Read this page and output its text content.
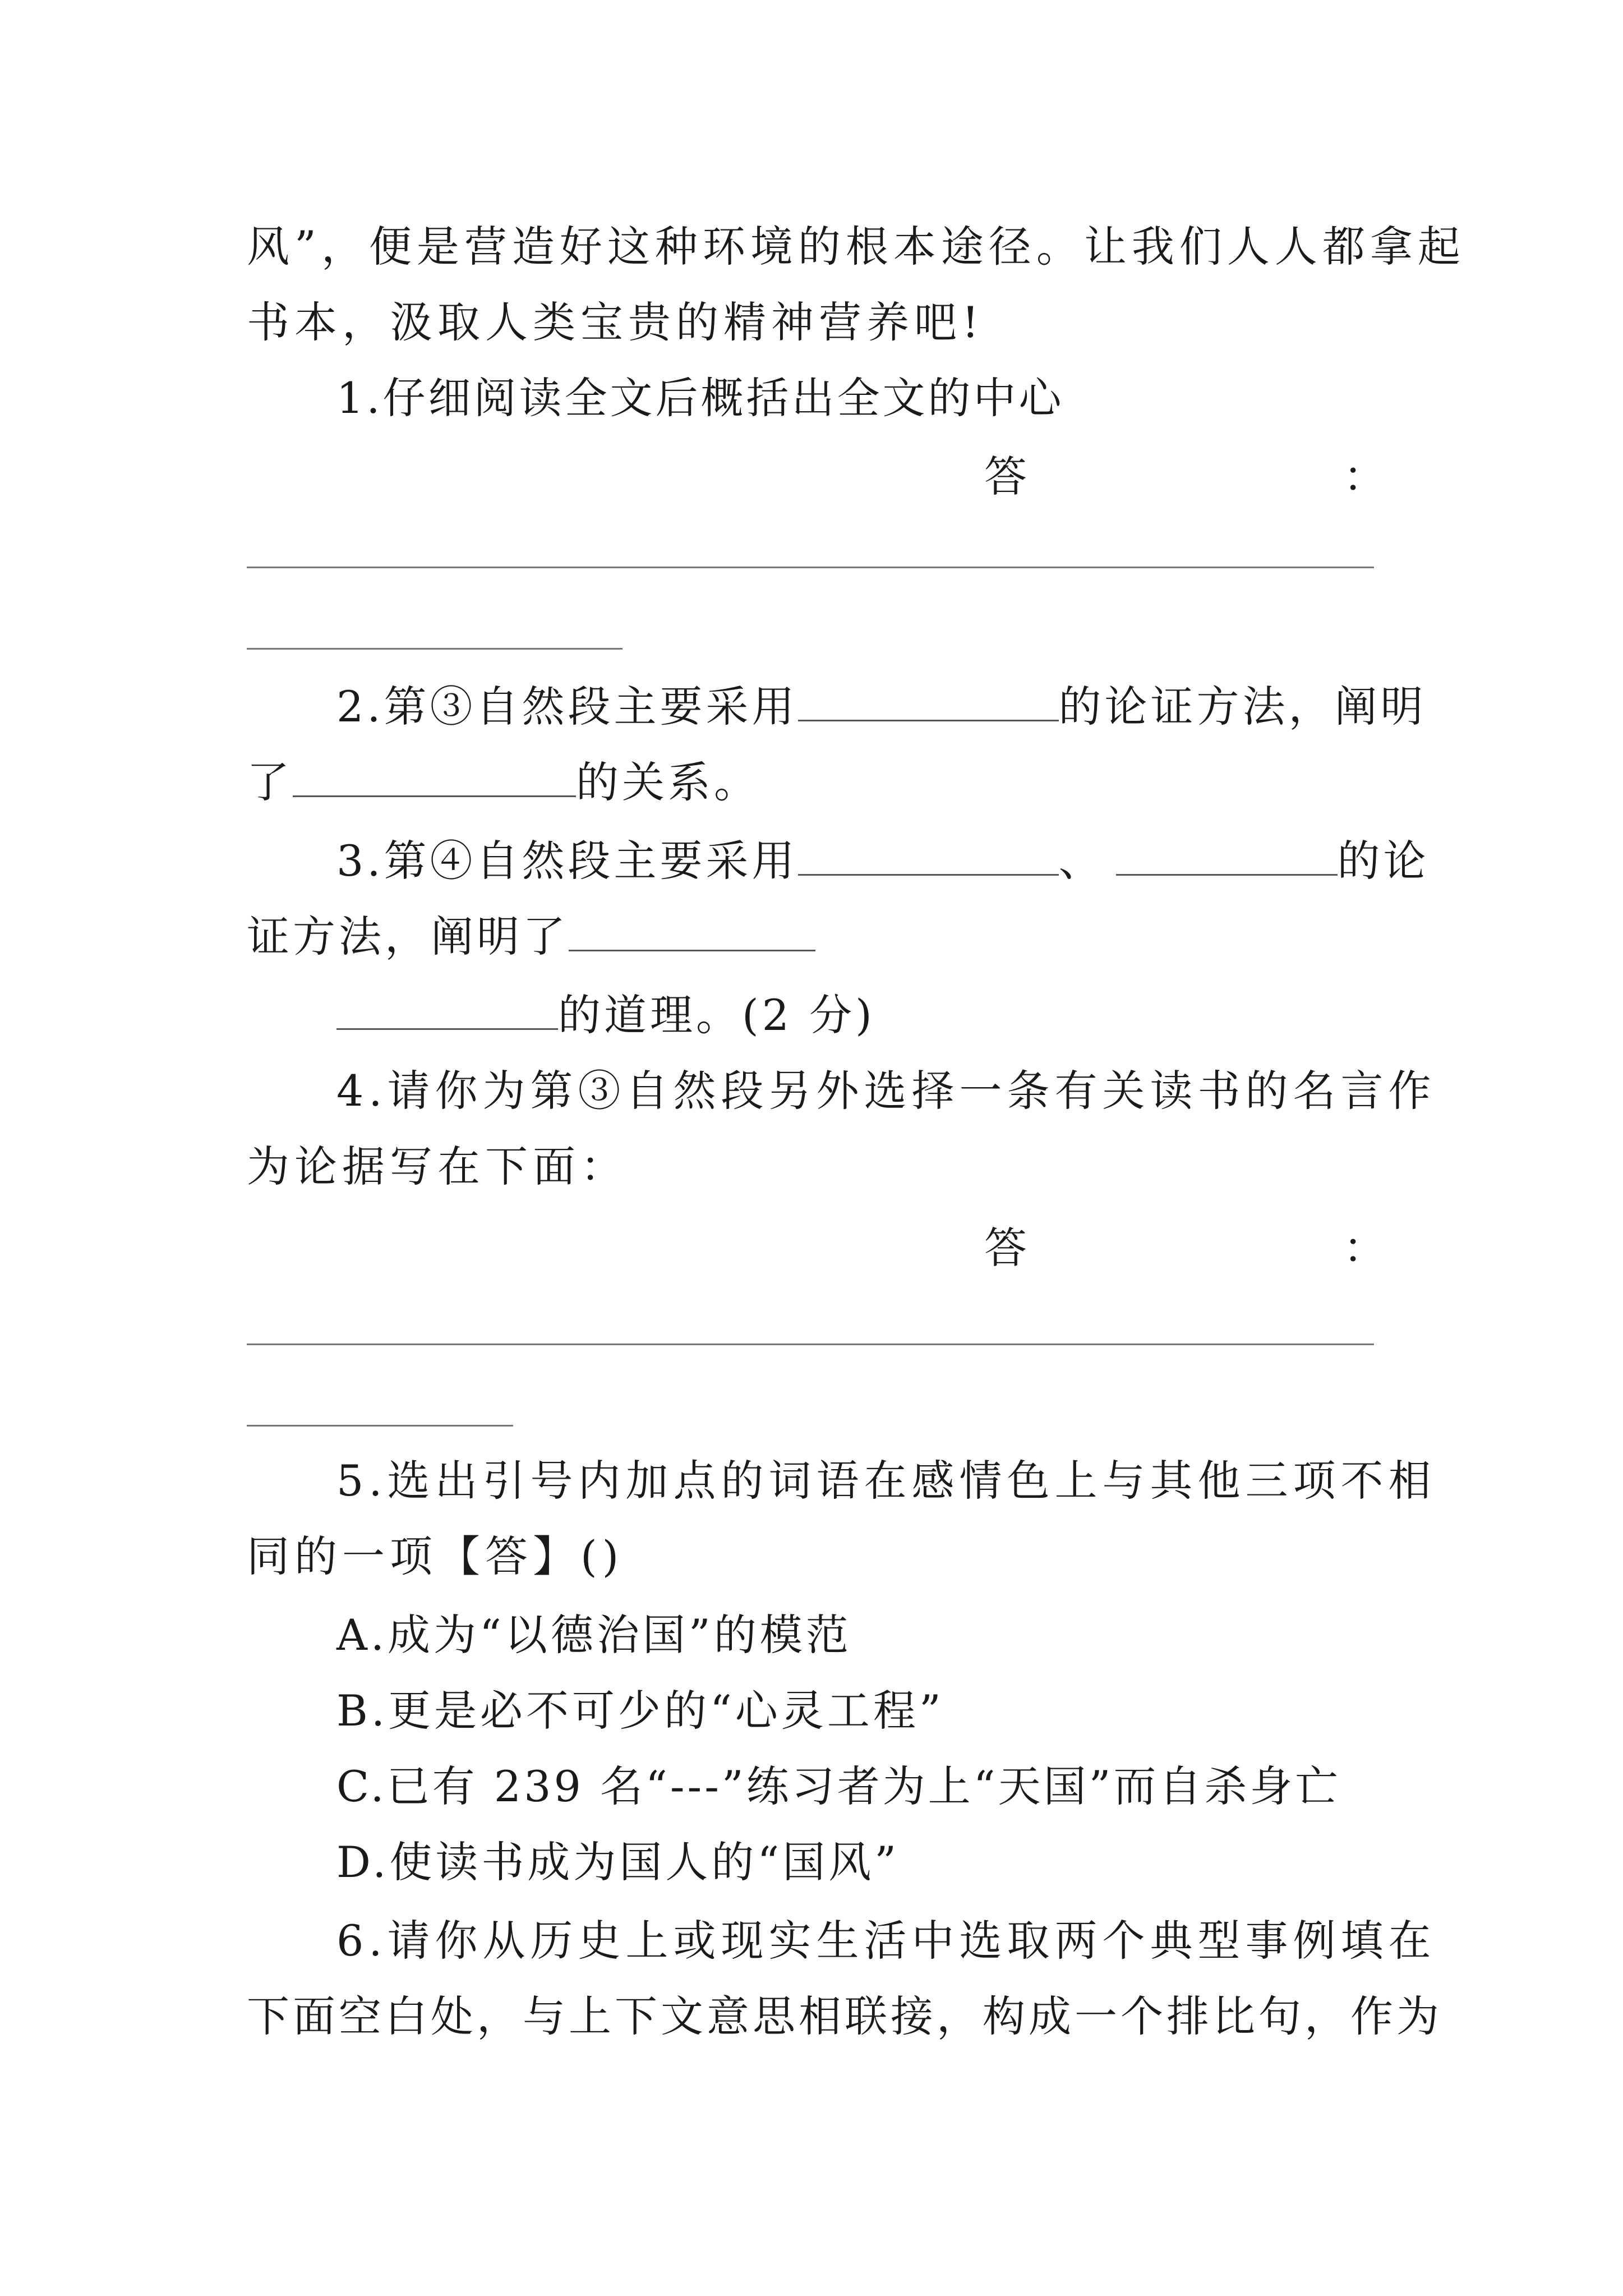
风”，便是营造好这种环境的根本途径。让我们人人都拿起
书本，汲取人类宝贵的精神营养吧!
1.仔细阅读全文后概括出全文的中心
答	：
2.第③自然段主要采用	的论证方法，阐明
了	的关系。
3.第④自然段主要采用	、	的论
证方法，阐明了
的道理。(2 分)
4.请你为第③自然段另外选择一条有关读书的名言作
为论据写在下面：
答	：
5.选出引号内加点的词语在感情色上与其他三项不相
同的一项【答】()
A.成为“以德治国”的模范
B.更是必不可少的“心灵工程”
C.已有 239 名“---”练习者为上“天国”而自杀身亡
D.使读书成为国人的“国风”
6.请你从历史上或现实生活中选取两个典型事例填在
下面空白处，与上下文意思相联接，构成一个排比句，作为
